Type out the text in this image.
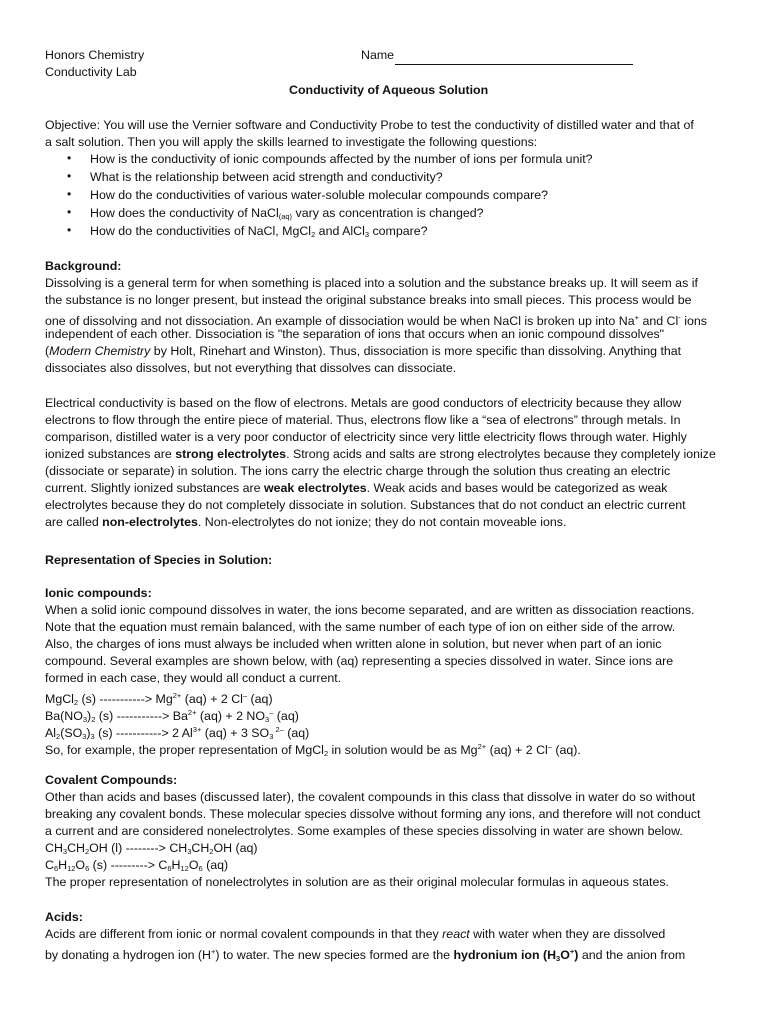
Honors Chemistry
Conductivity Lab
Name
Conductivity of Aqueous Solution
Objective: You will use the Vernier software and Conductivity Probe to test the conductivity of distilled water and that of
a salt solution. Then you will apply the skills learned to investigate the following questions:
• How is the conductivity of ionic compounds affected by the number of ions per formula unit?
• What is the relationship between acid strength and conductivity?
• How do the conductivities of various water-soluble molecular compounds compare?
• How does the conductivity of NaCl$_{(aq)}$ vary as concentration is changed?
• How do the conductivities of NaCl, MgCl$_2$ and AlCl$_3$ compare?
Background:
Dissolving is a general term for when something is placed into a solution and the substance breaks up. It will seem as if
the substance is no longer present, but instead the original substance breaks into small pieces. This process would be
one of dissolving and not dissociation. An example of dissociation would be when NaCl is broken up into Na+ and Cl- ions
independent of each other. Dissociation is "the separation of ions that occurs when an ionic compound dissolves"
(Modern Chemistry by Holt, Rinehart and Winston). Thus, dissociation is more specific than dissolving. Anything that
dissociates also dissolves, but not everything that dissolves can dissociate.
Electrical conductivity is based on the flow of electrons. Metals are good conductors of electricity because they allow
electrons to flow through the entire piece of material. Thus, electrons flow like a “sea of electrons” through metals. In
comparison, distilled water is a very poor conductor of electricity since very little electricity flows through water. Highly
ionized substances are strong electrolytes. Strong acids and salts are strong electrolytes because they completely ionize
(dissociate or separate) in solution. The ions carry the electric charge through the solution thus creating an electric
current. Slightly ionized substances are weak electrolytes. Weak acids and bases would be categorized as weak
electrolytes because they do not completely dissociate in solution. Substances that do not conduct an electric current
are called non-electrolytes. Non-electrolytes do not ionize; they do not contain moveable ions.
Representation of Species in Solution:
Ionic compounds:
When a solid ionic compound dissolves in water, the ions become separated, and are written as dissociation reactions.
Note that the equation must remain balanced, with the same number of each type of ion on either side of the arrow.
Also, the charges of ions must always be included when written alone in solution, but never when part of an ionic
compound. Several examples are shown below, with (aq) representing a species dissolved in water. Since ions are
formed in each case, they would all conduct a current.
MgCl$_2$ (s) -----------> $Mg^{2+}$ (aq) + 2 Cl– (aq)
$Ba(NO_3)_2$ (s) -----------> $Ba^{2+}$ (aq) + 2 $NO_3^-$ (aq)
$Al_2(SO_3)_3$ (s) -----------> 2 $Al^{3+}$ (aq) + 3 $SO_3$ $^{2-}$ (aq)
So, for example, the proper representation of MgCl$_2$ in solution would be as $Mg^{2+}$ (aq) + 2 Cl– (aq).
Covalent Compounds:
Other than acids and bases (discussed later), the covalent compounds in this class that dissolve in water do so without
breaking any covalent bonds. These molecular species dissolve without forming any ions, and therefore will not conduct
a current and are considered nonelectrolytes. Some examples of these species dissolving in water are shown below.
$CH_3CH_2OH$ (l) --------> $CH_3CH_2OH$ (aq)
$C_6H_{12}O_6$ (s) ---------> $C_6H_{12}O_6$ (aq)
The proper representation of nonelectrolytes in solution are as their original molecular formulas in aqueous states.
Acids:
Acids are different from ionic or normal covalent compounds in that they react with water when they are dissolved
by donating a hydrogen ion (H+) to water. The new species formed are the hydronium ion $(H_3O^+)$ and the anion from
